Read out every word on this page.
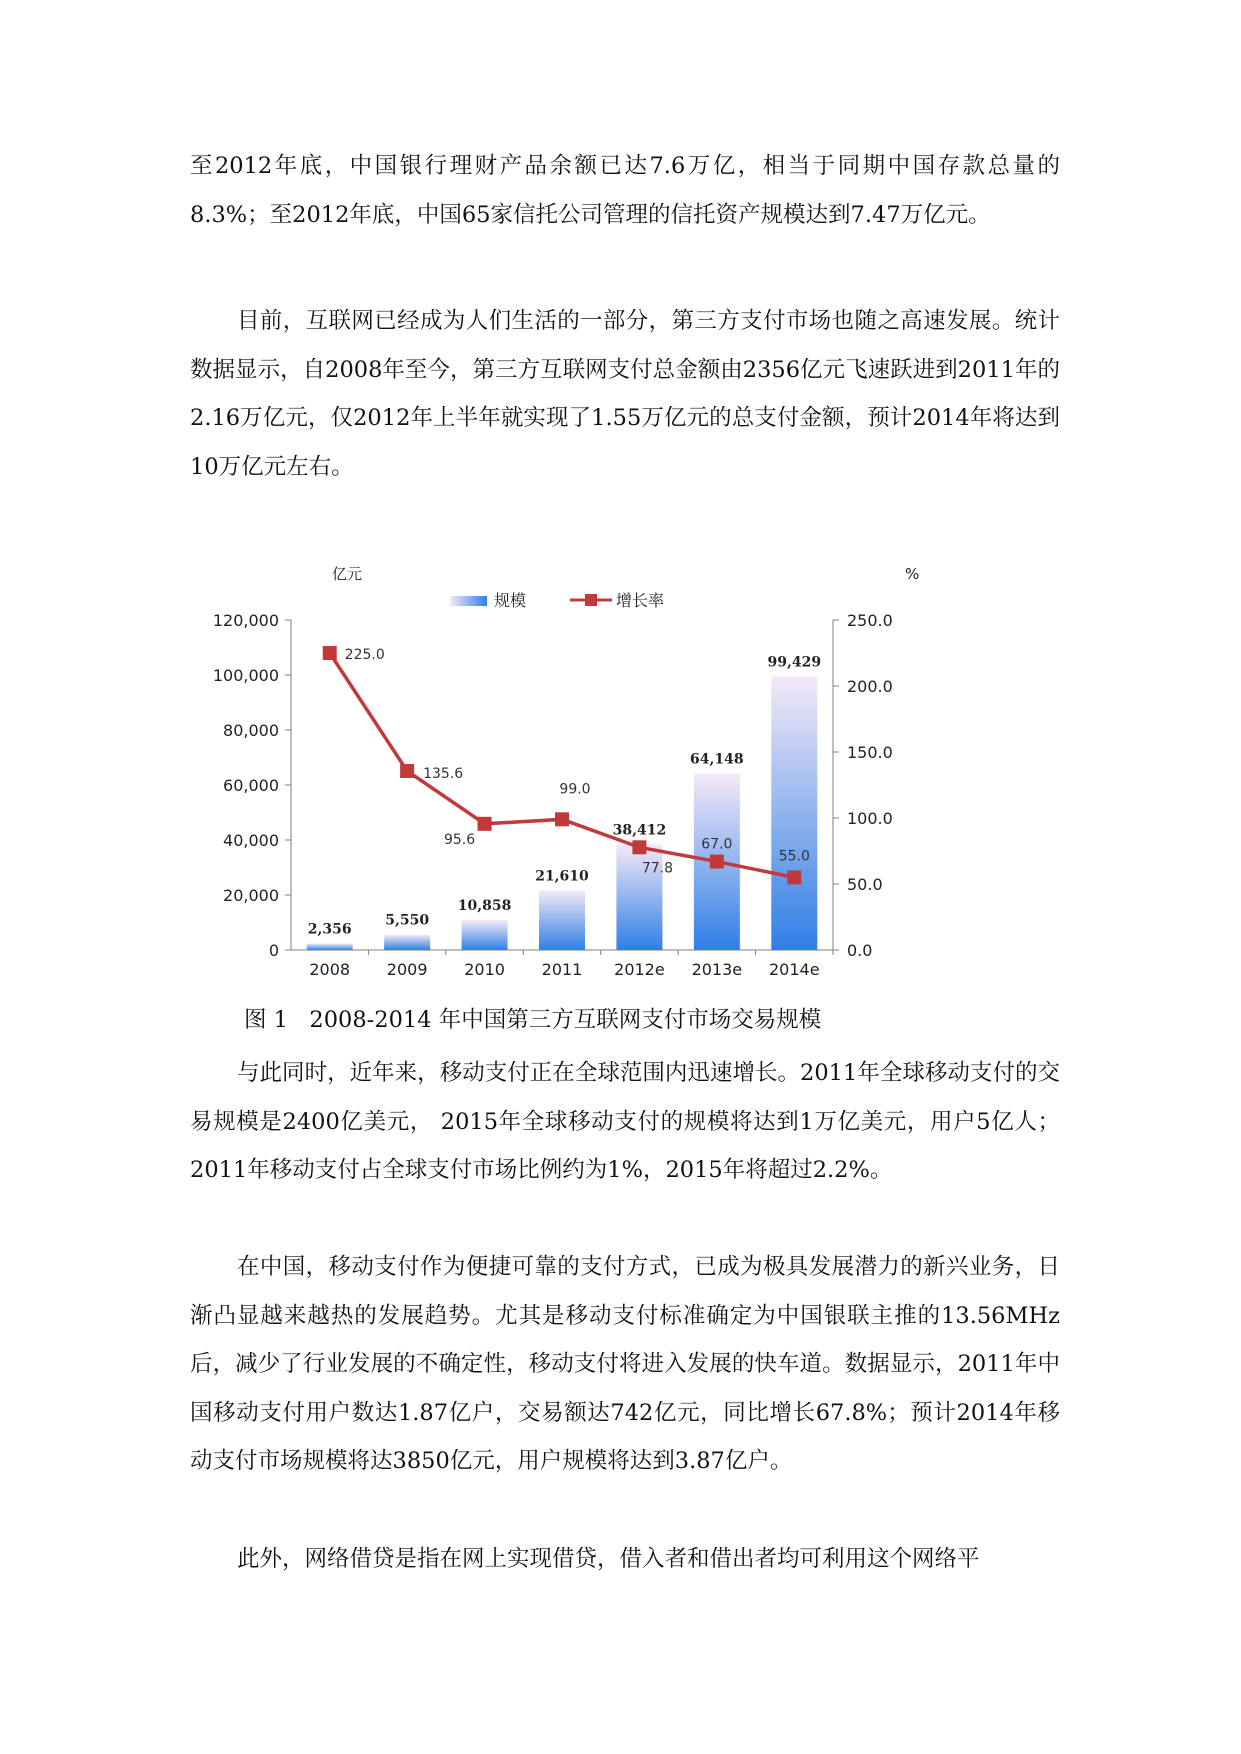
至2012年底，中国银行理财产品余额已达7.6万亿，相当于同期中国存款总量的8.3%；至2012年底，中国65家信托公司管理的信托资产规模达到7.47万亿元。

目前，互联网已经成为人们生活的一部分，第三方支付市场也随之高速发展。统计数据显示，自2008年至今，第三方互联网支付总金额由2356亿元飞速跃进到2011年的2.16万亿元，仅2012年上半年就实现了1.55万亿元的总支付金额，预计2014年将达到10万亿元左右。

0
20,000
40,000
60,000
80,000
100,000
120,000
0.0
50.0
100.0
150.0
200.0
250.0
2008 2009 2010 2011 2012e 2013e 2014e
2,356
5,550
10,858
21,610
38,412
64,148
99,429
225.0
135.6
95.6
99.0
77.8
67.0
55.0
亿元	%
规模	增长率

图 1   2008-2014 年中国第三方互联网支付市场交易规模

与此同时，近年来，移动支付正在全球范围内迅速增长。2011年全球移动支付的交易规模是2400亿美元， 2015年全球移动支付的规模将达到1万亿美元，用户5亿人；2011年移动支付占全球支付市场比例约为1%，2015年将超过2.2%。

在中国，移动支付作为便捷可靠的支付方式，已成为极具发展潜力的新兴业务，日渐凸显越来越热的发展趋势。尤其是移动支付标准确定为中国银联主推的13.56MHz后，减少了行业发展的不确定性，移动支付将进入发展的快车道。数据显示，2011年中国移动支付用户数达1.87亿户，交易额达742亿元，同比增长67.8%；预计2014年移动支付市场规模将达3850亿元，用户规模将达到3.87亿户。

此外，网络借贷是指在网上实现借贷，借入者和借出者均可利用这个网络平
